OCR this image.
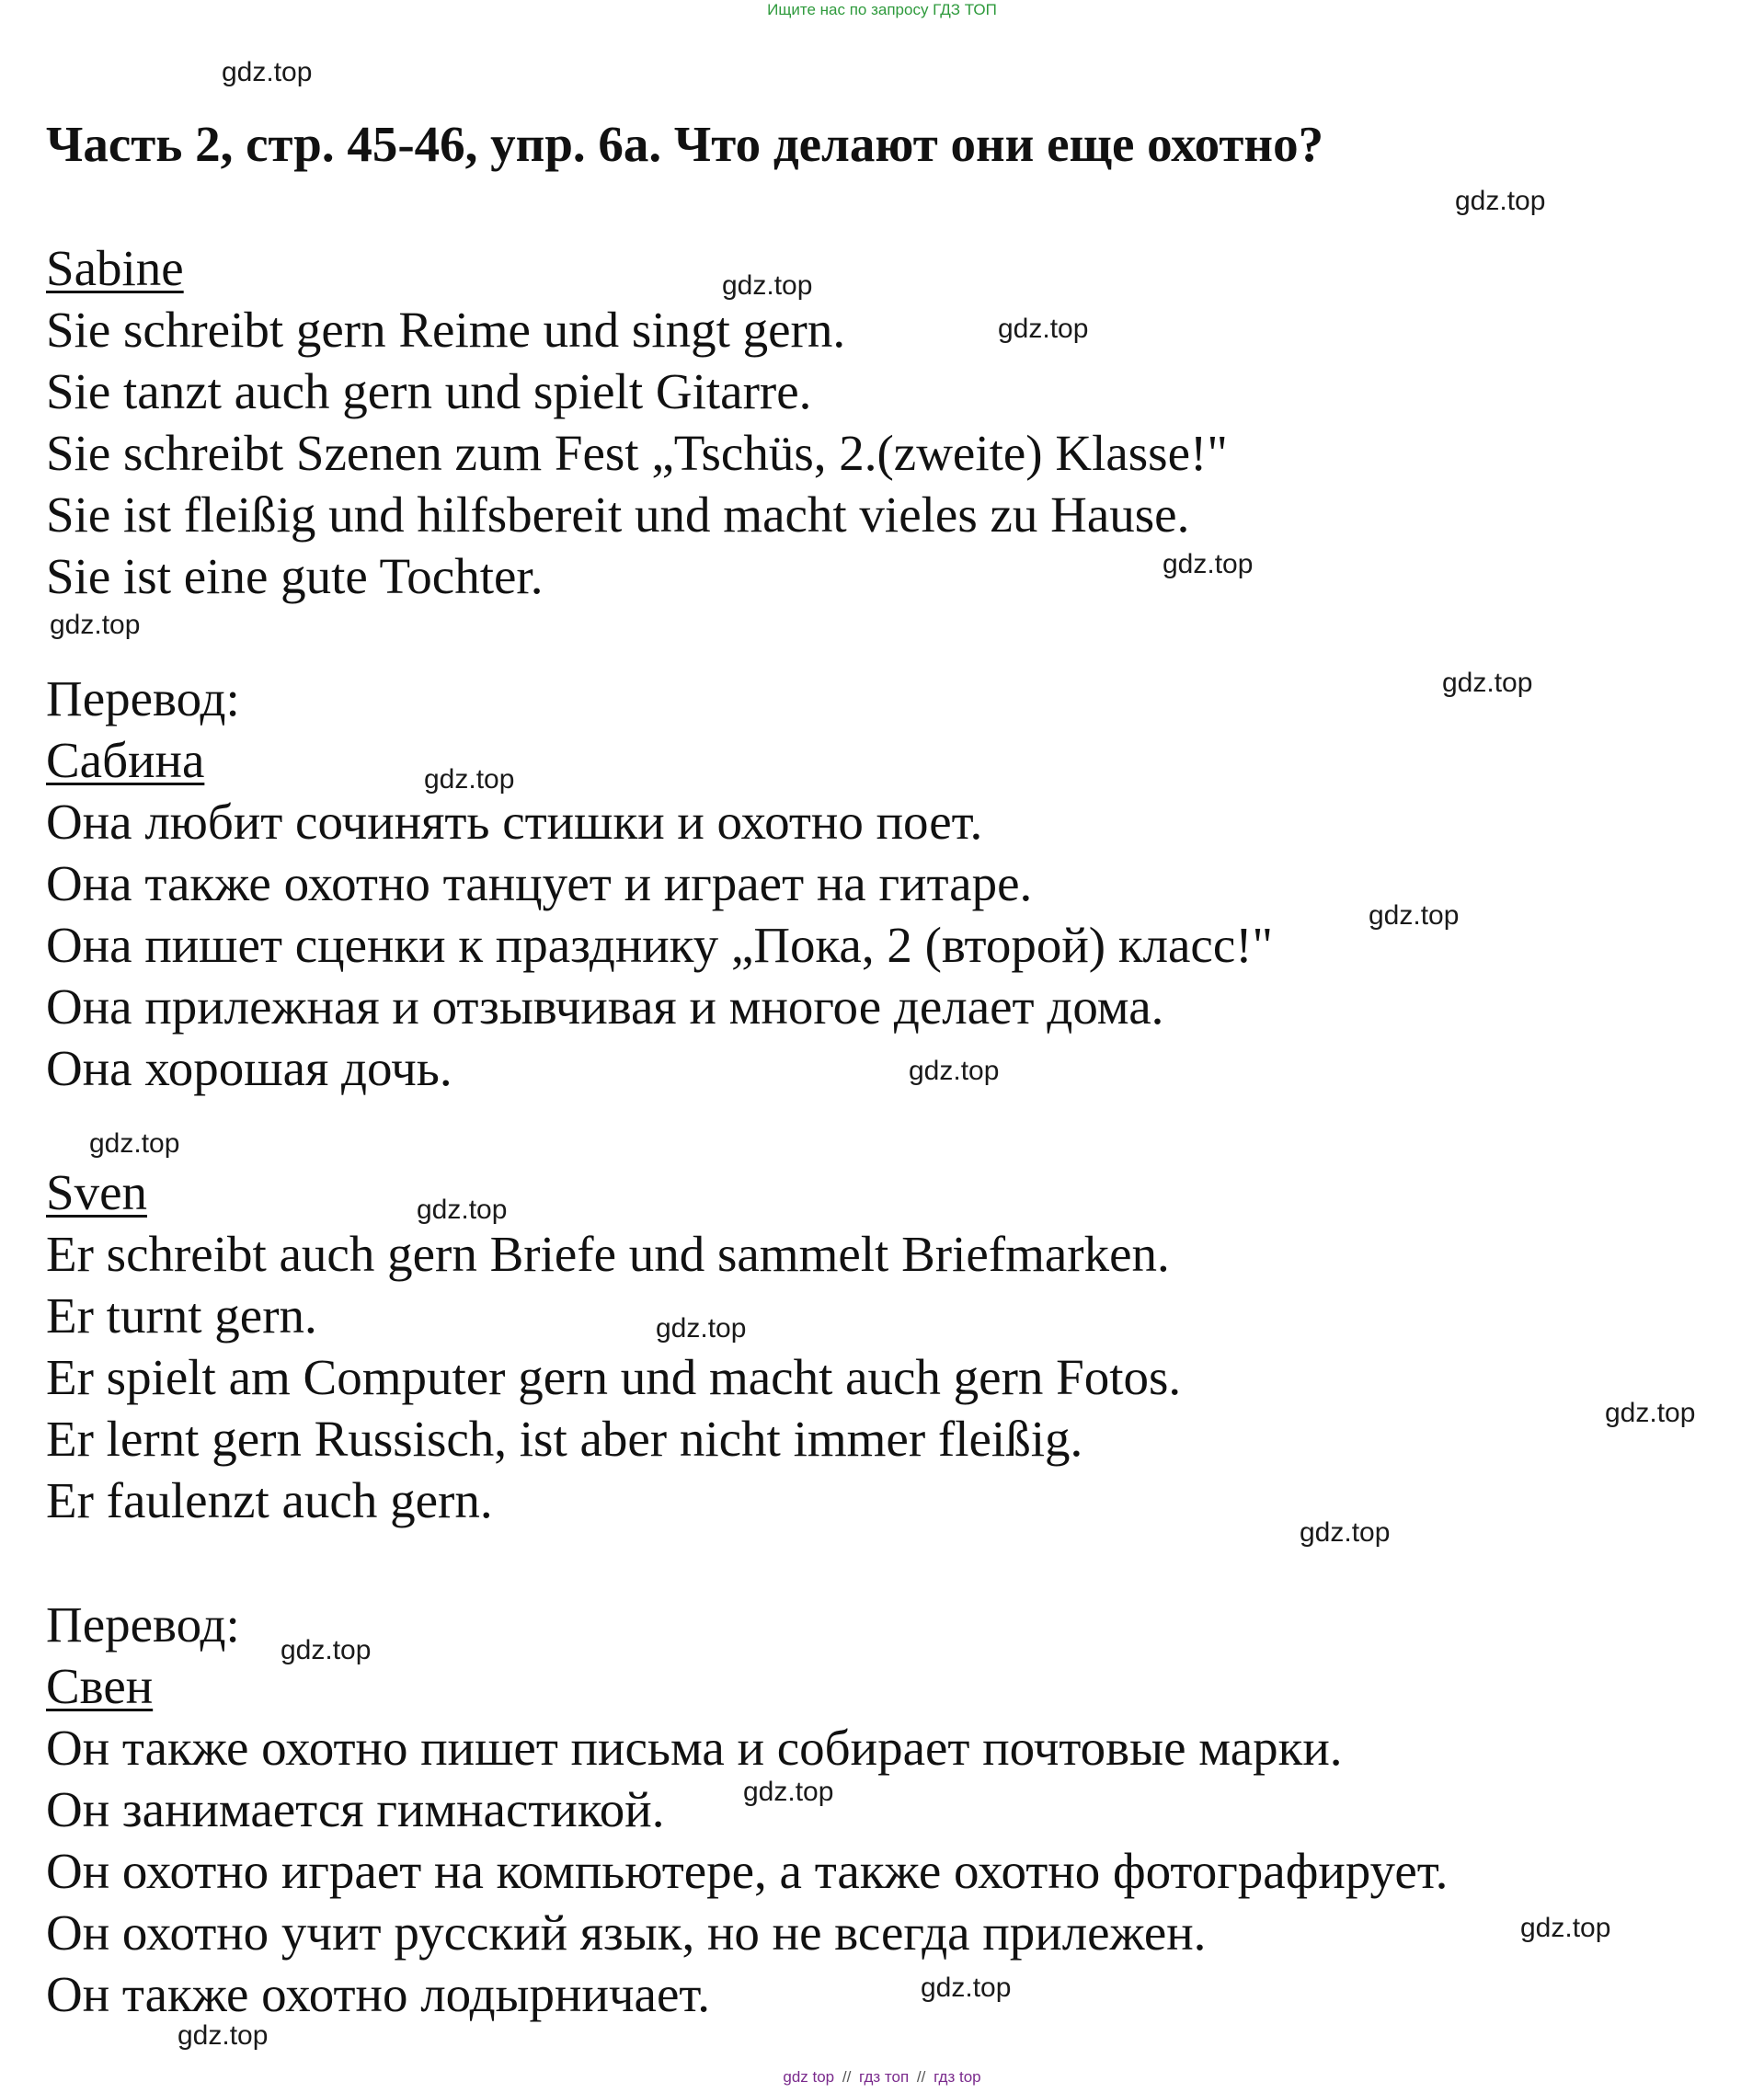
Ищите нас по запросу ГДЗ ТОП
Часть 2, стр. 45-46, упр. 6а. Что делают они еще охотно?
Sabine
Sie schreibt gern Reime und singt gern.
Sie tanzt auch gern und spielt Gitarre.
Sie schreibt Szenen zum Fest „Tschüs, 2.(zweite) Klasse!"
Sie ist fleißig und hilfsbereit und macht vieles zu Hause.
Sie ist eine gute Tochter.
Перевод:
Сабина
Она любит сочинять стишки и охотно поет.
Она также охотно танцует и играет на гитаре.
Она пишет сценки к празднику „Пока, 2 (второй) класс!"
Она прилежная и отзывчивая и многое делает дома.
Она хорошая дочь.
Sven
Er schreibt auch gern Briefe und sammelt Briefmarken.
Er turnt gern.
Er spielt am Computer gern und macht auch gern Fotos.
Er lernt gern Russisch, ist aber nicht immer fleißig.
Er faulenzt auch gern.
Перевод:
Свен
Он также охотно пишет письма и собирает почтовые марки.
Он занимается гимнастикой.
Он охотно играет на компьютере, а также охотно фотографирует.
Он охотно учит русский язык, но не всегда прилежен.
Он также охотно лодырничает.
gdz.top
gdz.top
gdz.top
gdz.top
gdz.top
gdz.top
gdz.top
gdz.top
gdz.top
gdz.top
gdz.top
gdz.top
gdz.top
gdz.top
gdz.top
gdz.top
gdz.top
gdz.top
gdz.top
gdz.top
gdz top // гдз топ // гдз top
